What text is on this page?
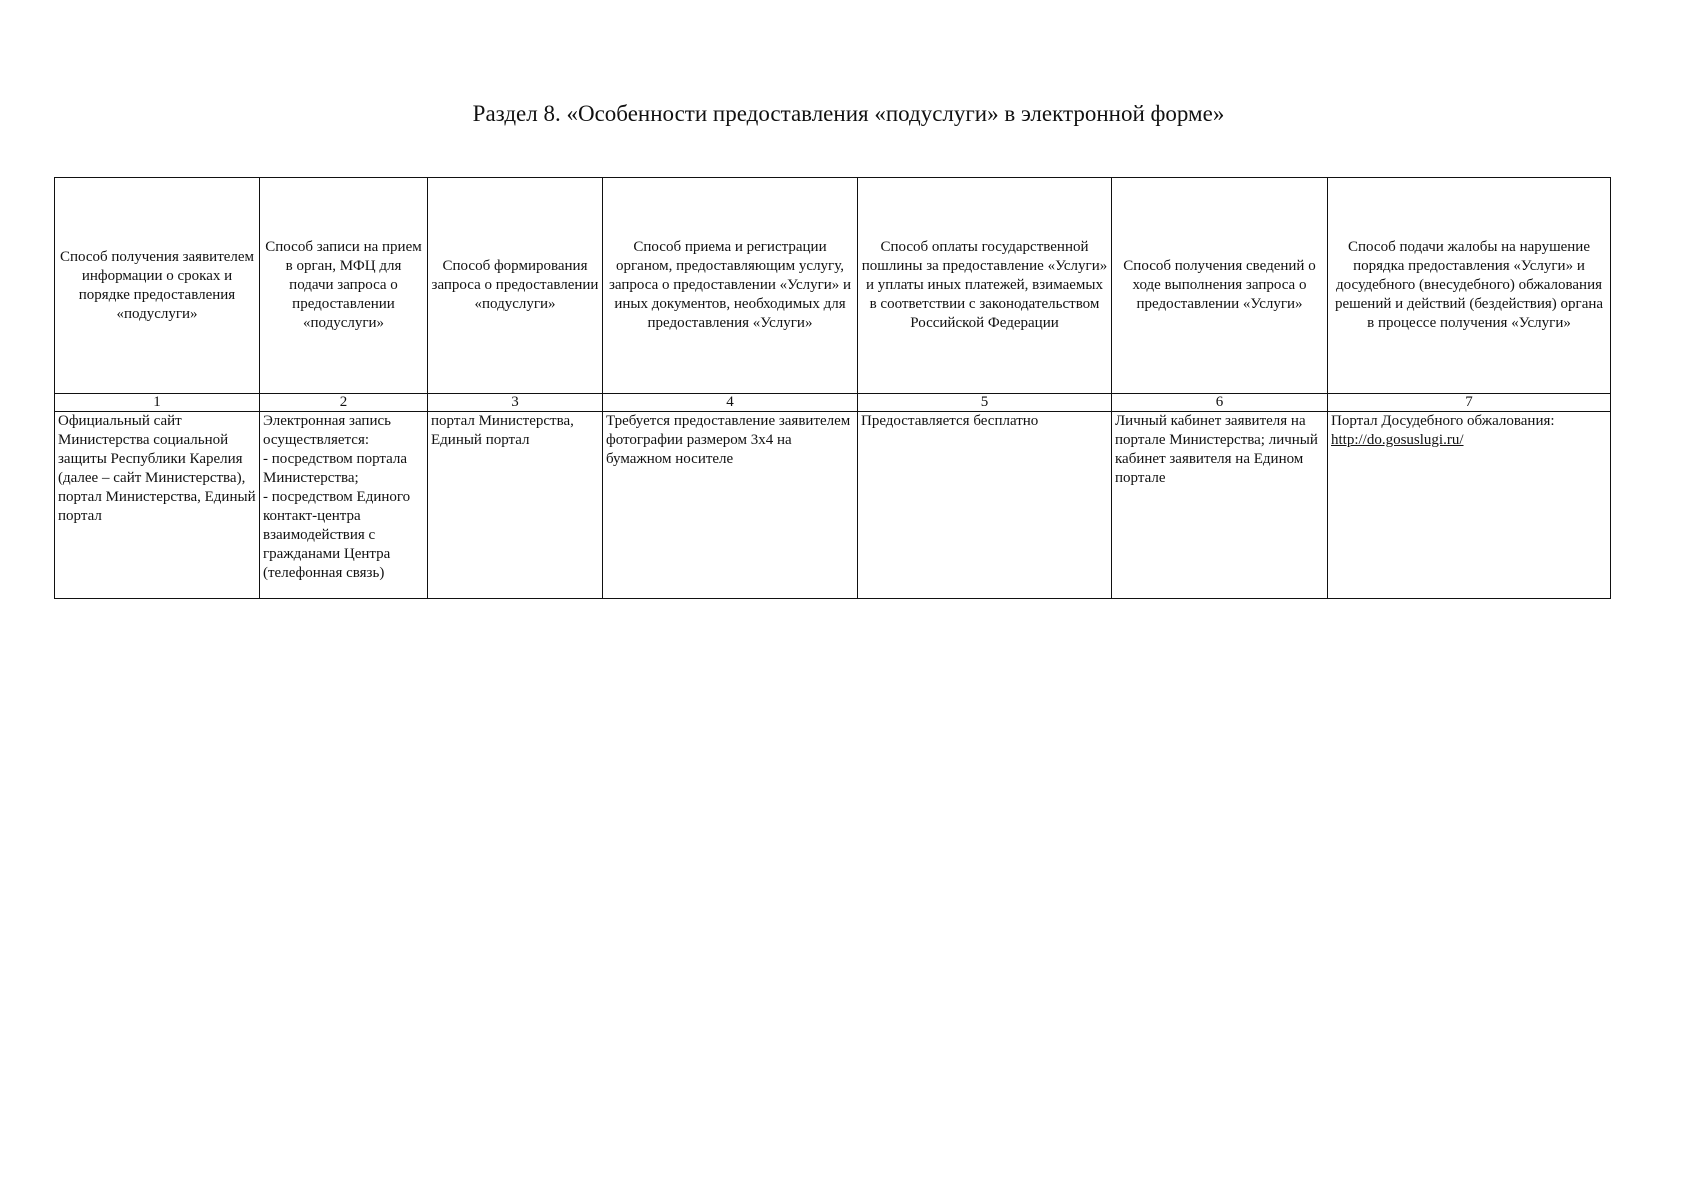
Раздел 8. «Особенности предоставления «подуслуги» в электронной форме»
Способ получения заявителем информации о сроках и порядке предоставления «подуслуги»	Способ записи на прием в орган, МФЦ для подачи запроса о предоставлении «подуслуги»	Способ формирования запроса о предоставлении «подуслуги»	Способ приема и регистрации органом, предоставляющим услугу, запроса о предоставлении «Услуги» и иных документов, необходимых для предоставления «Услуги»	Способ оплаты государственной пошлины за предоставление «Услуги» и уплаты иных платежей, взимаемых в соответствии с законодательством Российской Федерации	Способ получения сведений о ходе выполнения запроса о предоставлении «Услуги»	Способ подачи жалобы на нарушение порядка предоставления «Услуги» и досудебного (внесудебного) обжалования решений и действий (бездействия) органа в процессе получения «Услуги»
1	2	3	4	5	6	7
Официальный сайт Министерства социальной защиты Республики Карелия (далее – сайт Министерства), портал Министерства, Единый портал	Электронная запись осуществляется:
- посредством портала Министерства;
- посредством Единого контакт-центра взаимодействия с гражданами Центра (телефонная связь)	портал Министерства, Единый портал	Требуется предоставление заявителем фотографии размером 3х4 на бумажном носителе	Предоставляется бесплатно	Личный кабинет заявителя на портале Министерства; личный кабинет заявителя на Едином портале	Портал Досудебного обжалования:
http://do.gosuslugi.ru/
